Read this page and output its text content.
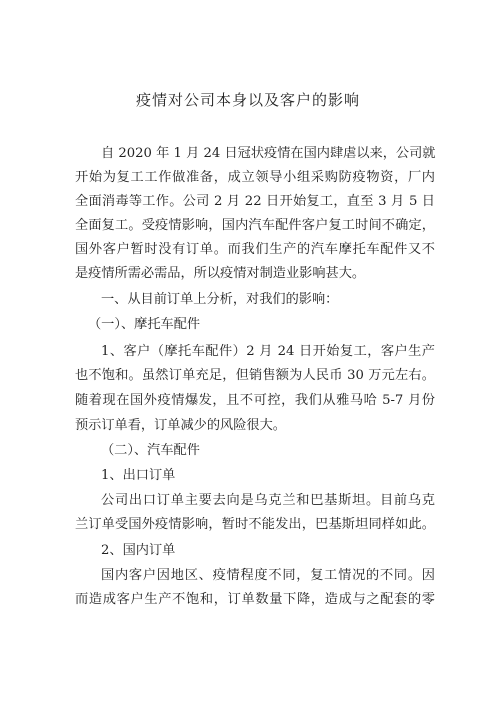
疫情对公司本身以及客户的影响
自 2020 年 1 月 24 日冠状疫情在国内肆虐以来，公司就
开始为复工工作做准备，成立领导小组采购防疫物资，厂内
全面消毒等工作。公司 2 月 22 日开始复工，直至 3 月 5 日
全面复工。受疫情影响，国内汽车配件客户复工时间不确定，
国外客户暂时没有订单。而我们生产的汽车摩托车配件又不
是疫情所需必需品，所以疫情对制造业影响甚大。
一、从目前订单上分析，对我们的影响：
（一）、摩托车配件
1、客户（摩托车配件）2 月 24 日开始复工，客户生产
也不饱和。虽然订单充足，但销售额为人民币 30 万元左右。
随着现在国外疫情爆发，且不可控，我们从雅马哈 5-7 月份
预示订单看，订单减少的风险很大。
（二）、汽车配件
1、出口订单
公司出口订单主要去向是乌克兰和巴基斯坦。目前乌克
兰订单受国外疫情影响，暂时不能发出，巴基斯坦同样如此。
2、国内订单
国内客户因地区、疫情程度不同，复工情况的不同。因
而造成客户生产不饱和，订单数量下降，造成与之配套的零
